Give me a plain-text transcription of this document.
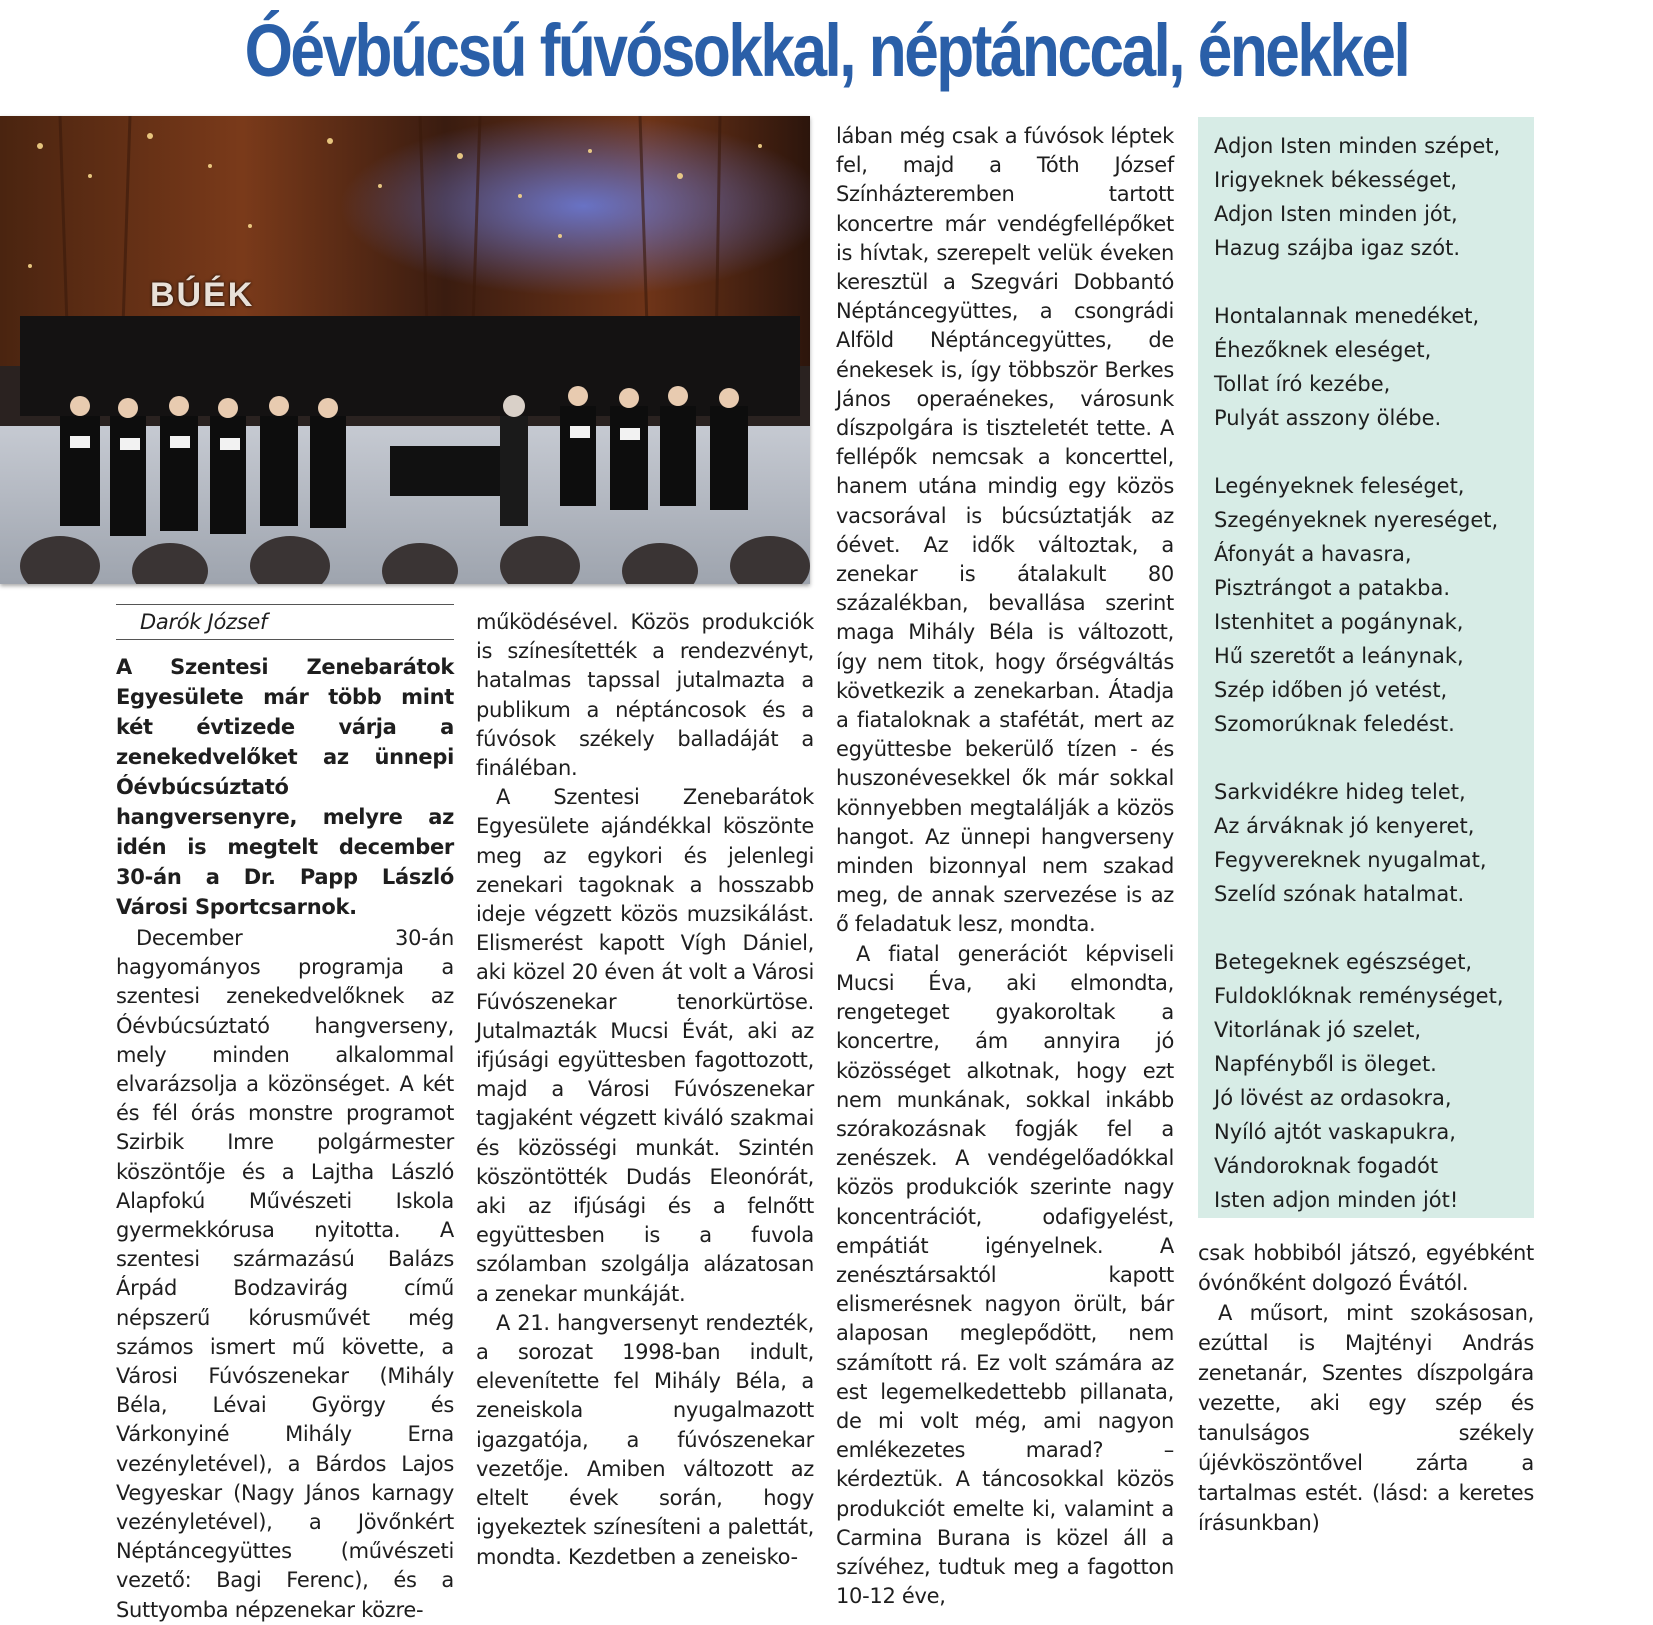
Óévbúcsú fúvósokkal, néptánccal, énekkel
BÚÉK
Darók József

A Szentesi Zenebarátok Egyesülete már több mint két évtizede várja a zenekedvelőket az ünnepi Óévbúcsúztató hangversenyre, melyre az idén is megtelt december 30-án a Dr. Papp László Városi Sportcsarnok.

December 30-án hagyományos programja a szentesi zenekedvelőknek az Óévbúcsúztató hangverseny, mely minden alkalommal elvarázsolja a közönséget. A két és fél órás monstre programot Szirbik Imre polgármester köszöntője és a Lajtha László Alapfokú Művészeti Iskola gyermekkórusa nyitotta. A szentesi származású Balázs Árpád Bodzavirág című népszerű kórusművét még számos ismert mű követte, a Városi Fúvószenekar (Mihály Béla, Lévai György és Várkonyiné Mihály Erna vezényletével), a Bárdos Lajos Vegyeskar (Nagy János karnagy vezényletével), a Jövőnkért Néptáncegyüttes (művészeti vezető: Bagi Ferenc), és a Suttyomba népzenekar közre-

működésével. Közös produkciók is színesítették a rendezvényt, hatalmas tapssal jutalmazta a publikum a néptáncosok és a fúvósok székely balladáját a fináléban.

A Szentesi Zenebarátok Egyesülete ajándékkal köszönte meg az egykori és jelenlegi zenekari tagoknak a hosszabb ideje végzett közös muzsikálást. Elismerést kapott Vígh Dániel, aki közel 20 éven át volt a Városi Fúvószenekar tenorkürtöse. Jutalmazták Mucsi Évát, aki az ifjúsági együttesben fagottozott, majd a Városi Fúvószenekar tagjaként végzett kiváló szakmai és közösségi munkát. Szintén köszöntötték Dudás Eleonórát, aki az ifjúsági és a felnőtt együttesben is a fuvola szólamban szolgálja alázatosan a zenekar munkáját.

A 21. hangversenyt rendezték, a sorozat 1998-ban indult, elevenítette fel Mihály Béla, a zeneiskola nyugalmazott igazgatója, a fúvószenekar vezetője. Amiben változott az eltelt évek során, hogy igyekeztek színesíteni a palettát, mondta. Kezdetben a zeneisko-

lában még csak a fúvósok léptek fel, majd a Tóth József Színházteremben tartott koncertre már vendégfellépőket is hívtak, szerepelt velük éveken keresztül a Szegvári Dobbantó Néptáncegyüttes, a csongrádi Alföld Néptáncegyüttes, de énekesek is, így többször Berkes János operaénekes, városunk díszpolgára is tiszteletét tette. A fellépők nemcsak a koncerttel, hanem utána mindig egy közös vacsorával is búcsúztatják az óévet. Az idők változtak, a zenekar is átalakult 80 százalékban, bevallása szerint maga Mihály Béla is változott, így nem titok, hogy őrségváltás következik a zenekarban. Átadja a fiataloknak a stafétát, mert az együttesbe bekerülő tízen - és huszonévesekkel ők már sokkal könnyebben megtalálják a közös hangot. Az ünnepi hangverseny minden bizonnyal nem szakad meg, de annak szervezése is az ő feladatuk lesz, mondta.

A fiatal generációt képviseli Mucsi Éva, aki elmondta, rengeteget gyakoroltak a koncertre, ám annyira jó közösséget alkotnak, hogy ezt nem munkának, sokkal inkább szórakozásnak fogják fel a zenészek. A vendégelőadókkal közös produkciók szerinte nagy koncentrációt, odafigyelést, empátiát igényelnek. A zenésztársaktól kapott elismerésnek nagyon örült, bár alaposan meglepődött, nem számított rá. Ez volt számára az est legemelkedettebb pillanata, de mi volt még, ami nagyon emlékezetes marad? – kérdeztük. A táncosokkal közös produkciót emelte ki, valamint a Carmina Burana is közel áll a szívéhez, tudtuk meg a fagotton 10-12 éve,

Adjon Isten minden szépet,
Irigyeknek békességet,
Adjon Isten minden jót,
Hazug szájba igaz szót.
Hontalannak menedéket,
Éhezőknek eleséget,
Tollat író kezébe,
Pulyát asszony ölébe.
Legényeknek feleséget,
Szegényeknek nyereséget,
Áfonyát a havasra,
Pisztrángot a patakba.
Istenhitet a pogánynak,
Hű szeretőt a leánynak,
Szép időben jó vetést,
Szomorúknak feledést.
Sarkvidékre hideg telet,
Az árváknak jó kenyeret,
Fegyvereknek nyugalmat,
Szelíd szónak hatalmat.
Betegeknek egészséget,
Fuldoklóknak reménységet,
Vitorlának jó szelet,
Napfényből is öleget.
Jó lövést az ordasokra,
Nyíló ajtót vaskapukra,
Vándoroknak fogadót
Isten adjon minden jót!

csak hobbiból játszó, egyébként óvónőként dolgozó Évától.

A műsort, mint szokásosan, ezúttal is Majtényi András zenetanár, Szentes díszpolgára vezette, aki egy szép és tanulságos székely újévköszöntővel zárta a tartalmas estét. (lásd: a keretes írásunkban)
